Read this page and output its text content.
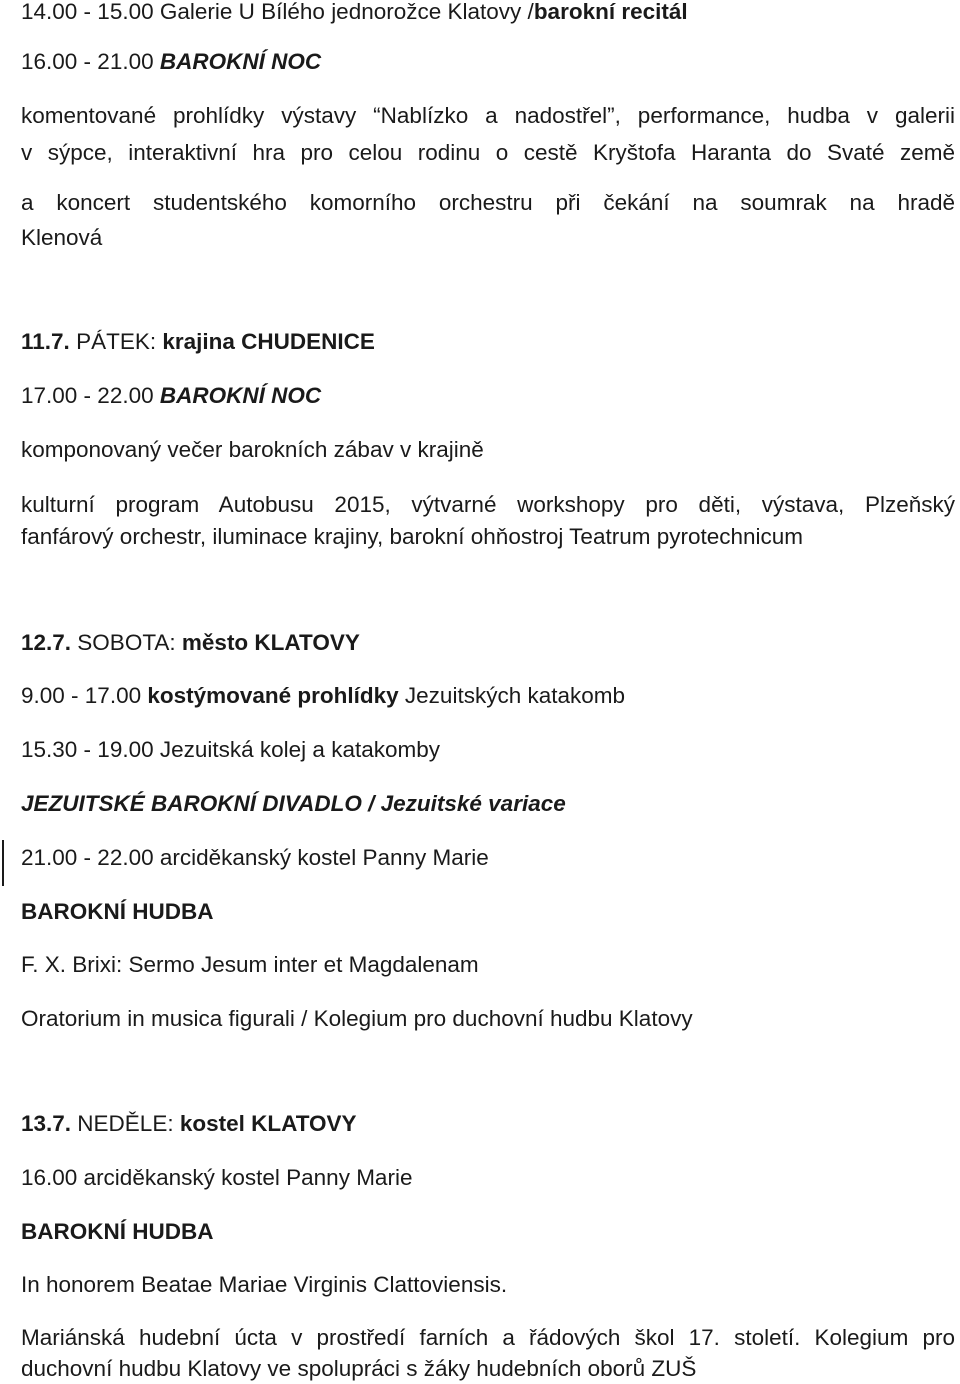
14.00 - 15.00 Galerie U Bílého jednorožce Klatovy /barokní recitál
16.00 - 21.00 BAROKNÍ NOC
komentované prohlídky výstavy “Nablízko a nadostřel”, performance, hudba v galerii
v sýpce, interaktivní hra pro celou rodinu o cestě Kryštofa Haranta do Svaté země
a koncert studentského komorního orchestru při čekání na soumrak na hradě
Klenová
11.7. PÁTEK: krajina CHUDENICE
17.00 - 22.00 BAROKNÍ NOC
komponovaný večer barokních zábav v krajině
kulturní program Autobusu 2015, výtvarné workshopy pro děti, výstava, Plzeňský
fanfárový orchestr, iluminace krajiny, barokní ohňostroj Teatrum pyrotechnicum
12.7. SOBOTA: město KLATOVY
9.00 - 17.00 kostýmované prohlídky Jezuitských katakomb
15.30 - 19.00 Jezuitská kolej a katakomby
JEZUITSKÉ BAROKNÍ DIVADLO / Jezuitské variace
21.00 - 22.00 arciděkanský kostel Panny Marie
BAROKNÍ HUDBA
F. X. Brixi: Sermo Jesum inter et Magdalenam
Oratorium in musica figurali / Kolegium pro duchovní hudbu Klatovy
13.7. NEDĚLE: kostel KLATOVY
16.00 arciděkanský kostel Panny Marie
BAROKNÍ HUDBA
In honorem Beatae Mariae Virginis Clattoviensis.
Mariánská hudební úcta v prostředí farních a řádových škol 17. století. Kolegium pro
duchovní hudbu Klatovy ve spolupráci s žáky hudebních oborů ZUŠ
